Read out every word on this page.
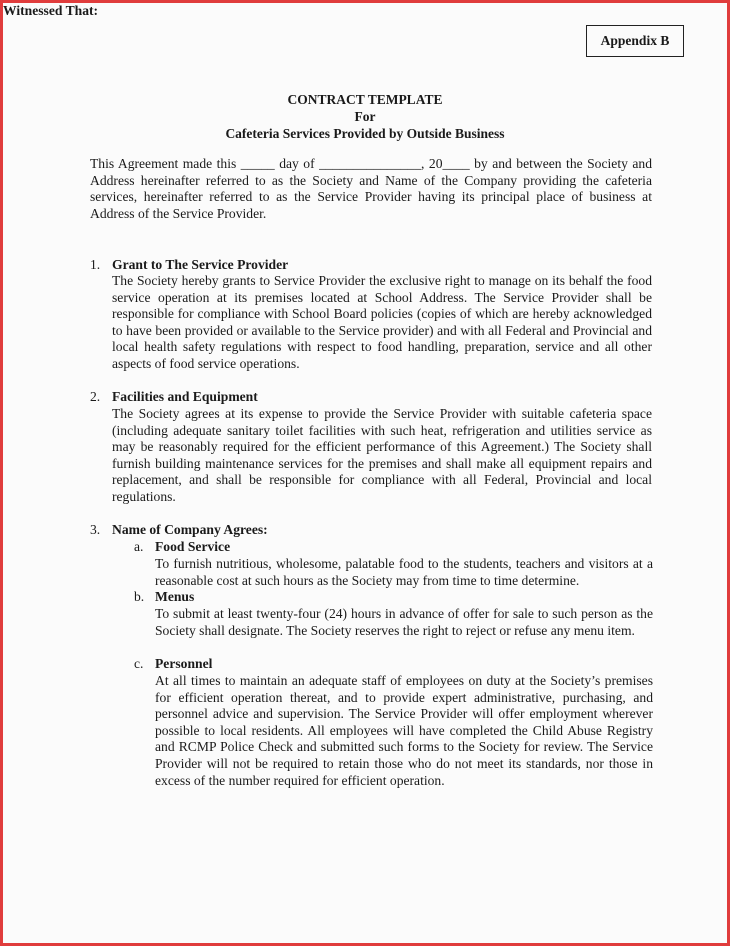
Appendix B
CONTRACT TEMPLATE
For
Cafeteria Services Provided by Outside Business
This Agreement made this _____ day of _______________, 20____ by and between the Society and Address hereinafter referred to as the Society and Name of the Company providing the cafeteria services, hereinafter referred to as the Service Provider having its principal place of business at Address of the Service Provider.
Witnessed That:
1. Grant to The Service Provider
The Society hereby grants to Service Provider the exclusive right to manage on its behalf the food service operation at its premises located at School Address. The Service Provider shall be responsible for compliance with School Board policies (copies of which are hereby acknowledged to have been provided or available to the Service provider) and with all Federal and Provincial and local health safety regulations with respect to food handling, preparation, service and all other aspects of food service operations.
2. Facilities and Equipment
The Society agrees at its expense to provide the Service Provider with suitable cafeteria space (including adequate sanitary toilet facilities with such heat, refrigeration and utilities service as may be reasonably required for the efficient performance of this Agreement.) The Society shall furnish building maintenance services for the premises and shall make all equipment repairs and replacement, and shall be responsible for compliance with all Federal, Provincial and local regulations.
3. Name of Company Agrees:
a. Food Service
To furnish nutritious, wholesome, palatable food to the students, teachers and visitors at a reasonable cost at such hours as the Society may from time to time determine.
b. Menus
To submit at least twenty-four (24) hours in advance of offer for sale to such person as the Society shall designate. The Society reserves the right to reject or refuse any menu item.
c. Personnel
At all times to maintain an adequate staff of employees on duty at the Society’s premises for efficient operation thereat, and to provide expert administrative, purchasing, and personnel advice and supervision. The Service Provider will offer employment wherever possible to local residents. All employees will have completed the Child Abuse Registry and RCMP Police Check and submitted such forms to the Society for review. The Service Provider will not be required to retain those who do not meet its standards, nor those in excess of the number required for efficient operation.
